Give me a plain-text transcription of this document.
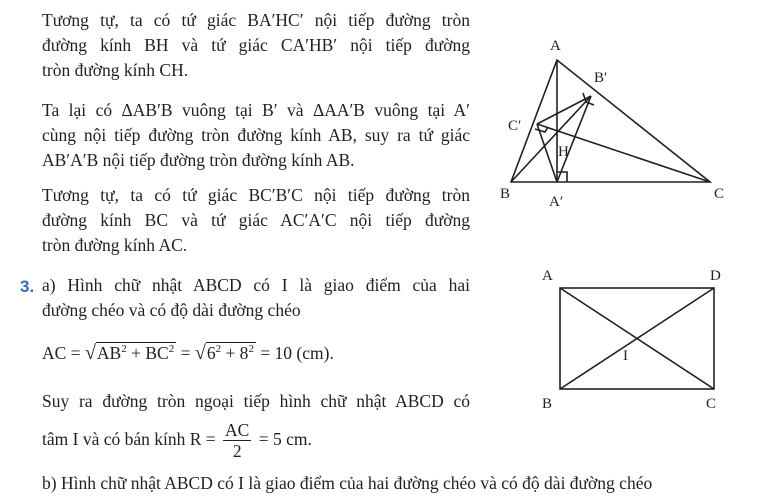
Tương tự, ta có tứ giác BA′HC′ nội tiếp đường tròn
đường kính BH và tứ giác CA′HB′ nội tiếp đường
tròn đường kính CH.
Ta lại có ΔAB′B vuông tại B′ và ΔAA′B vuông tại A′
cùng nội tiếp đường tròn đường kính AB, suy ra tứ giác
AB′A′B nội tiếp đường tròn đường kính AB.
Tương tự, ta có tứ giác BC′B′C nội tiếp đường tròn
đường kính BC và tứ giác AC′A′C nội tiếp đường
tròn đường kính AC.
3. a) Hình chữ nhật ABCD có I là giao điểm của hai
đường chéo và có độ dài đường chéo
AC = $√AB^2 + BC^2 = √6^2 + 8^2 = 10$ (cm).
Suy ra đường tròn ngoại tiếp hình chữ nhật ABCD có
tâm I và có bán kính $R = \frac{AC}{2} = 5$ cm.
b) Hình chữ nhật ABCD có I là giao điểm của hai đường chéo và có độ dài đường chéo
A
B′
C′
H
B	A′	C
A	D
I
B	C
